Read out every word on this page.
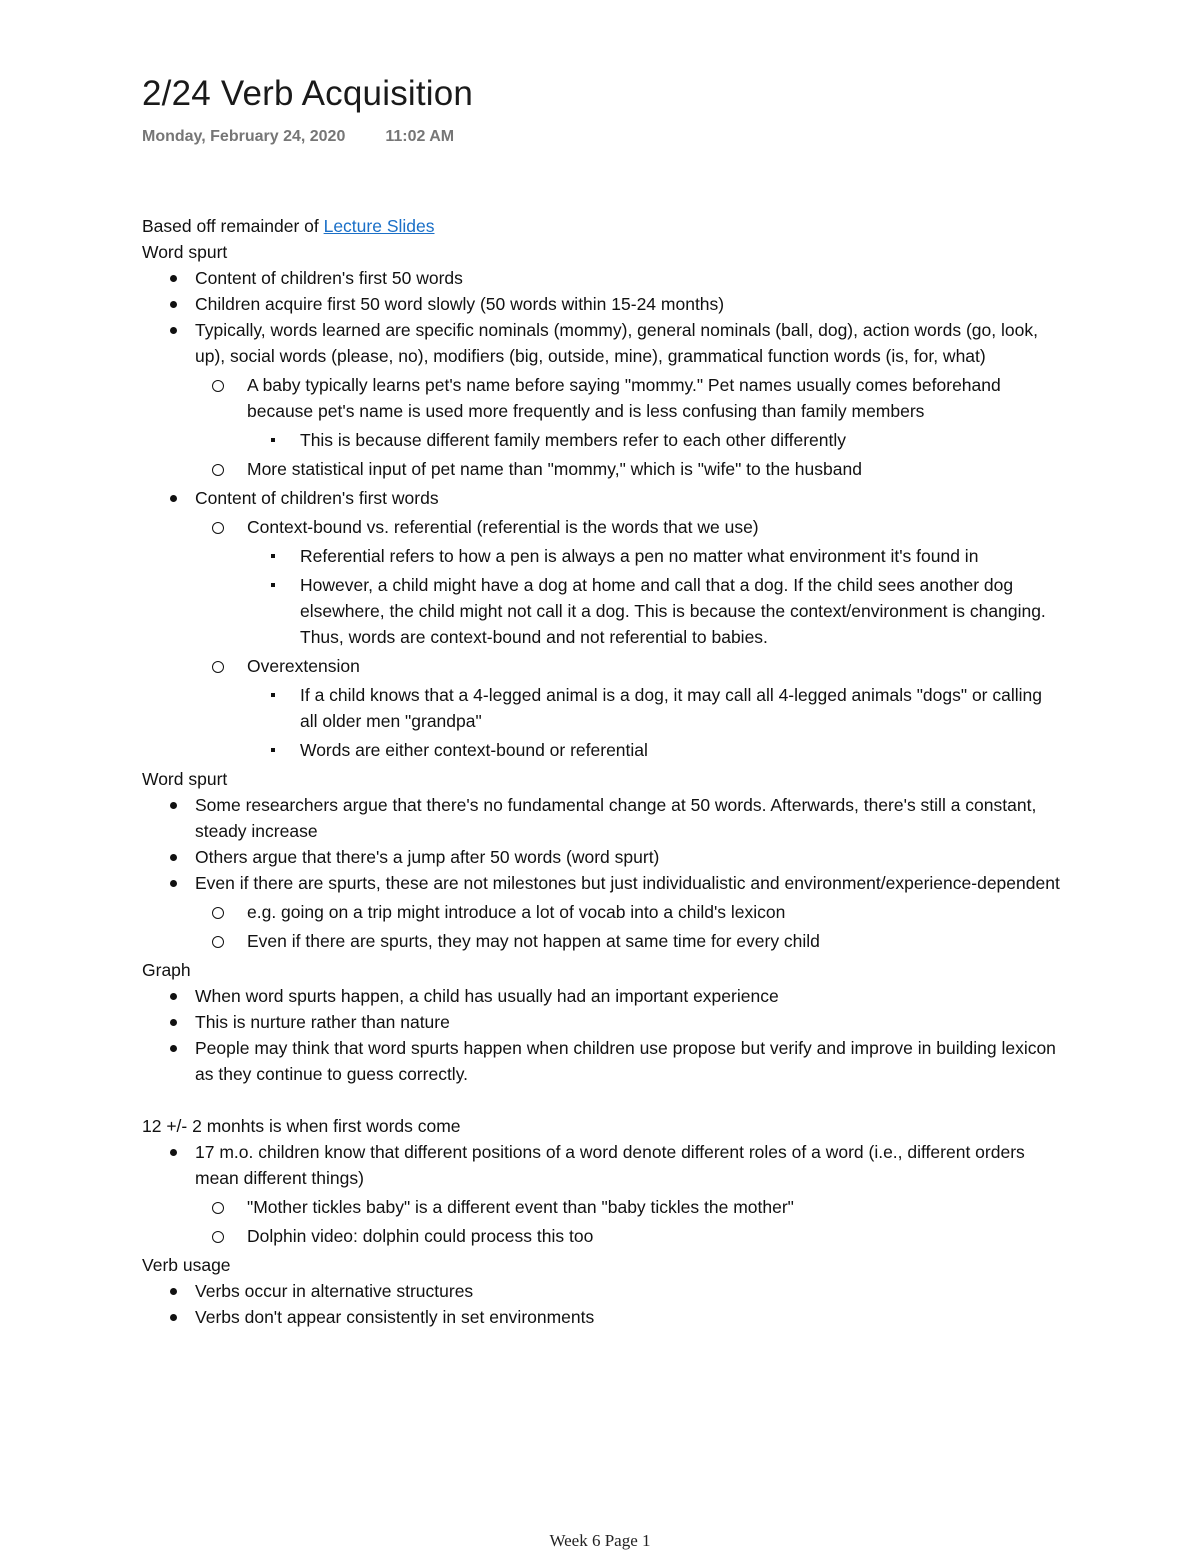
2/24 Verb Acquisition
Monday, February 24, 2020	11:02 AM

Based off remainder of Lecture Slides

Word spurt

Content of children's first 50 words

Children acquire first 50 word slowly (50 words within 15-24 months)

Typically, words learned are specific nominals (mommy), general nominals (ball, dog), action words (go, look, up), social words (please, no), modifiers (big, outside, mine), grammatical function words (is, for, what)

A baby typically learns pet's name before saying "mommy." Pet names usually comes beforehand because pet's name is used more frequently and is less confusing than family members

This is because different family members refer to each other differently

More statistical input of pet name than "mommy," which is "wife" to the husband

Content of children's first words

Context-bound vs. referential (referential is the words that we use)

Referential refers to how a pen is always a pen no matter what environment it's found in

However, a child might have a dog at home and call that a dog. If the child sees another dog elsewhere, the child might not call it a dog. This is because the context/environment is changing. Thus, words are context-bound and not referential to babies.

Overextension

If a child knows that a 4-legged animal is a dog, it may call all 4-legged animals "dogs" or calling all older men "grandpa"

Words are either context-bound or referential

Word spurt

Some researchers argue that there's no fundamental change at 50 words. Afterwards, there's still a constant, steady increase

Others argue that there's a jump after 50 words (word spurt)

Even if there are spurts, these are not milestones but just individualistic and environment/experience-dependent

e.g. going on a trip might introduce a lot of vocab into a child's lexicon

Even if there are spurts, they may not happen at same time for every child

Graph

When word spurts happen, a child has usually had an important experience

This is nurture rather than nature

People may think that word spurts happen when children use propose but verify and improve in building lexicon as they continue to guess correctly.

12 +/- 2 monhts is when first words come

17 m.o. children know that different positions of a word denote different roles of a word (i.e., different orders mean different things)

"Mother tickles baby" is a different event than "baby tickles the mother"

Dolphin video: dolphin could process this too

Verb usage

Verbs occur in alternative structures

Verbs don't appear consistently in set environments

Week 6 Page 1
